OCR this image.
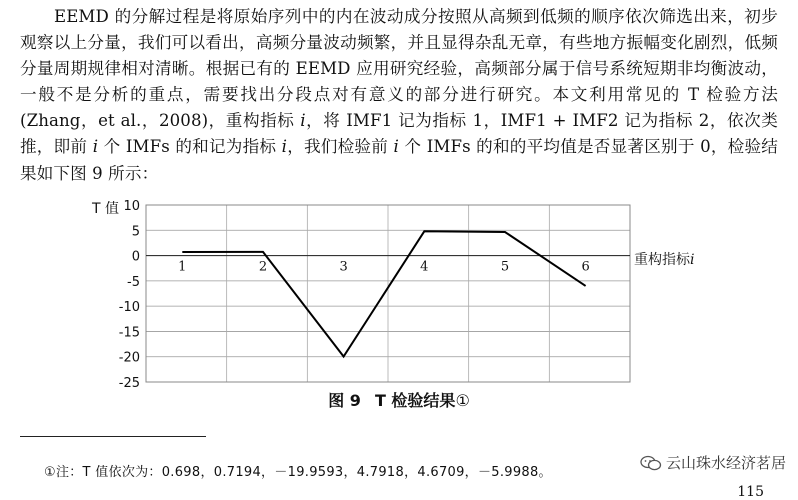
EEMD 的分解过程是将原始序列中的内在波动成分按照从高频到低频的顺序依次筛选出来，初步观察以上分量，我们可以看出，高频分量波动频繁，并且显得杂乱无章，有些地方振幅变化剧烈，低频分量周期规律相对清晰。根据已有的 EEMD 应用研究经验，高频部分属于信号系统短期非均衡波动，一般不是分析的重点，需要找出分段点对有意义的部分进行研究。本文利用常见的 T 检验方法(Zhang，et al.，2008)，重构指标 i，将 IMF1 记为指标 1，IMF1 + IMF2 记为指标 2，依次类推，即前 i 个 IMFs 的和记为指标 i，我们检验前 i 个 IMFs 的和的平均值是否显著区别于 0，检验结果如下图 9 所示：

10
5
0
-5
-10
-15
-20
-25
1	2	3	4	5	6
T 值
重构指标i
图 9 T 检验结果①
①注：T 值依次为：0.698，0.7194，－19.9593，4.7918，4.6709，－5.9988。
云山珠水经济茗居
115
